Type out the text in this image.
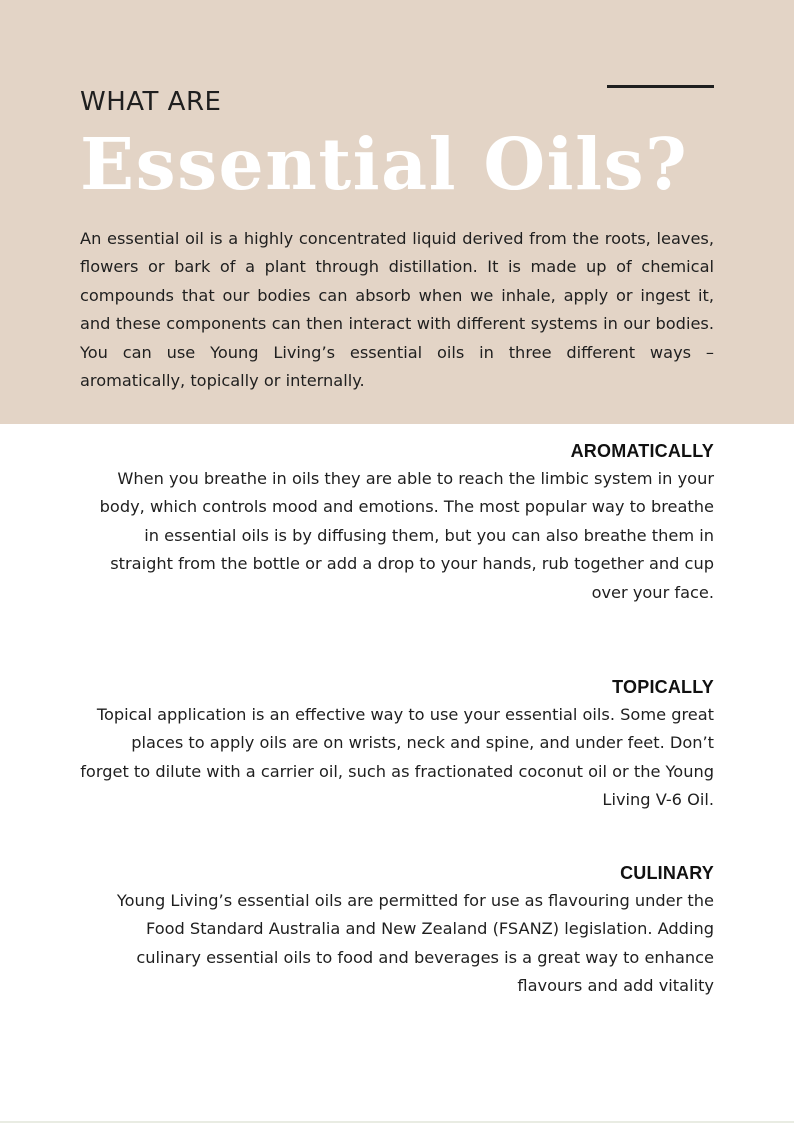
WHAT ARE
Essential Oils?

An essential oil is a highly concentrated liquid derived from the roots, leaves, flowers or bark of a plant through distillation. It is made up of chemical compounds that our bodies can absorb when we inhale, apply or ingest it, and these components can then interact with different systems in our bodies. You can use Young Living’s essential oils in three different ways – aromatically, topically or internally.

AROMATICALLY

When you breathe in oils they are able to reach the limbic system in your body, which controls mood and emotions. The most popular way to breathe in essential oils is by diffusing them, but you can also breathe them in straight from the bottle or add a drop to your hands, rub together and cup over your face.

TOPICALLY

Topical application is an effective way to use your essential oils. Some great places to apply oils are on wrists, neck and spine, and under feet. Don’t forget to dilute with a carrier oil, such as fractionated coconut oil or the Young Living V-6 Oil.

CULINARY

Young Living’s essential oils are permitted for use as flavouring under the Food Standard Australia and New Zealand (FSANZ) legislation. Adding culinary essential oils to food and beverages is a great way to enhance flavours and add vitality
